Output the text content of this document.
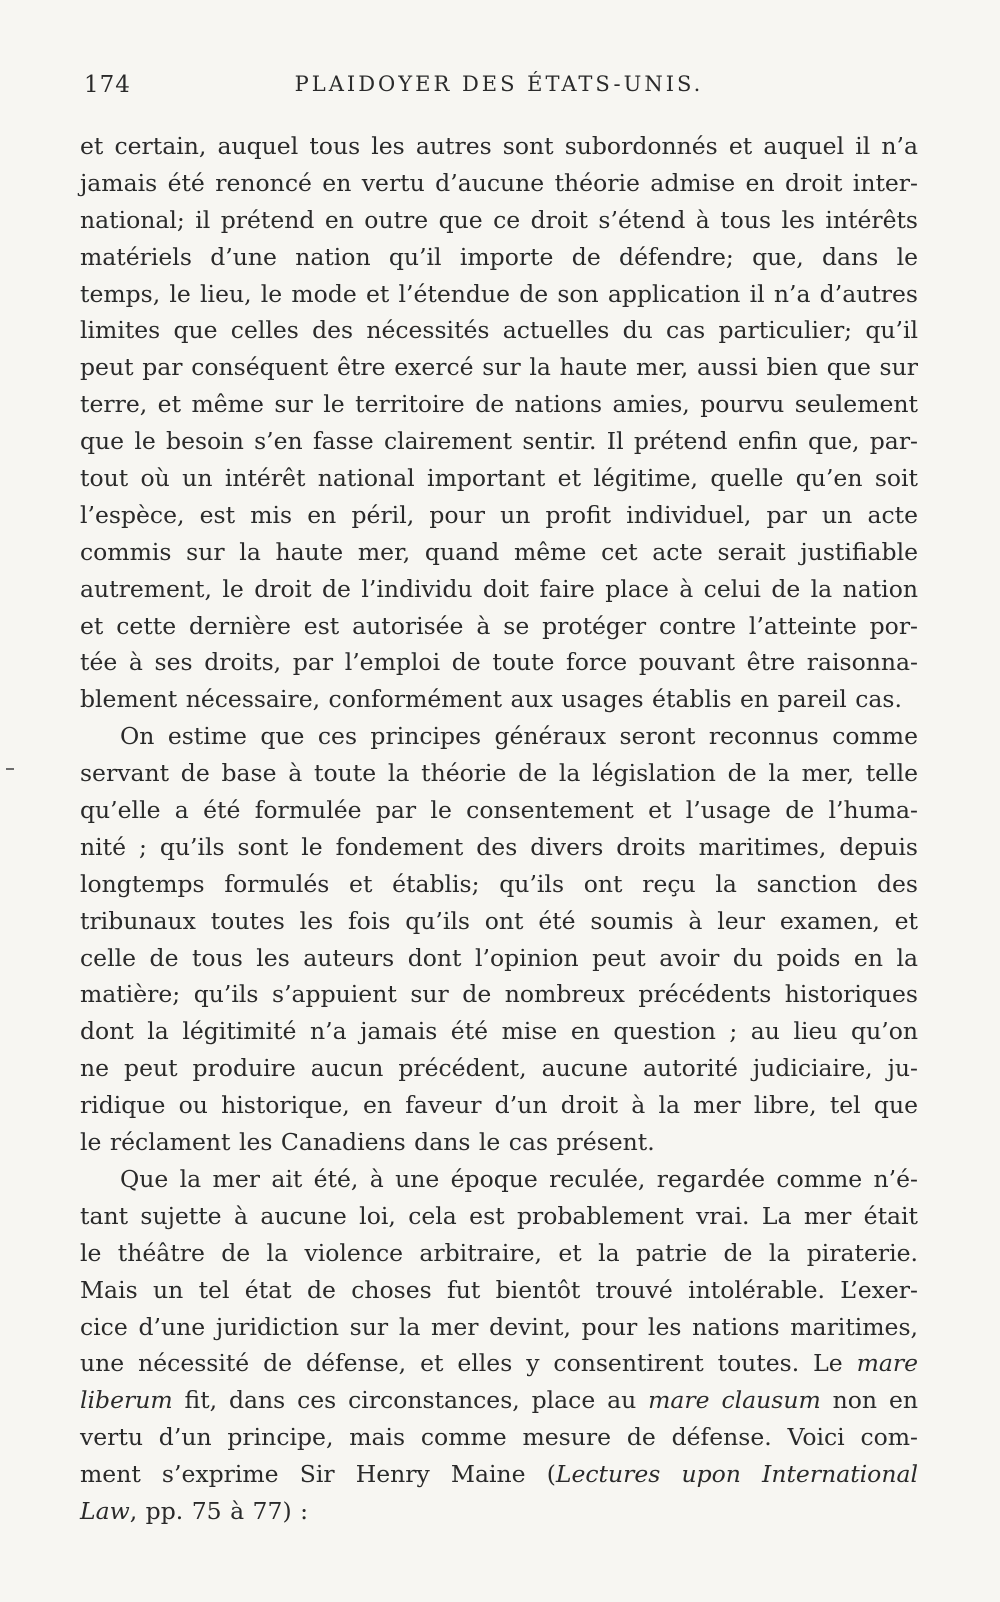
174	PLAIDOYER DES ÉTATS-UNIS.
et certain, auquel tous les autres sont subordonnés et auquel il n’a
jamais été renoncé en vertu d’aucune théorie admise en droit inter-
national; il prétend en outre que ce droit s’étend à tous les intérêts
matériels d’une nation qu’il importe de défendre; que, dans le
temps, le lieu, le mode et l’étendue de son application il n’a d’autres
limites que celles des nécessités actuelles du cas particulier; qu’il
peut par conséquent être exercé sur la haute mer, aussi bien que sur
terre, et même sur le territoire de nations amies, pourvu seulement
que le besoin s’en fasse clairement sentir. Il prétend enfin que, par-
tout où un intérêt national important et légitime, quelle qu’en soit
l’espèce, est mis en péril, pour un profit individuel, par un acte
commis sur la haute mer, quand même cet acte serait justifiable
autrement, le droit de l’individu doit faire place à celui de la nation
et cette dernière est autorisée à se protéger contre l’atteinte por-
tée à ses droits, par l’emploi de toute force pouvant être raisonna-
blement nécessaire, conformément aux usages établis en pareil cas.
On estime que ces principes généraux seront reconnus comme
servant de base à toute la théorie de la législation de la mer, telle
qu’elle a été formulée par le consentement et l’usage de l’huma-
nité ; qu’ils sont le fondement des divers droits maritimes, depuis
longtemps formulés et établis; qu’ils ont reçu la sanction des
tribunaux toutes les fois qu’ils ont été soumis à leur examen, et
celle de tous les auteurs dont l’opinion peut avoir du poids en la
matière; qu’ils s’appuient sur de nombreux précédents historiques
dont la légitimité n’a jamais été mise en question ; au lieu qu’on
ne peut produire aucun précédent, aucune autorité judiciaire, ju-
ridique ou historique, en faveur d’un droit à la mer libre, tel que
le réclament les Canadiens dans le cas présent.
Que la mer ait été, à une époque reculée, regardée comme n’é-
tant sujette à aucune loi, cela est probablement vrai. La mer était
le théâtre de la violence arbitraire, et la patrie de la piraterie.
Mais un tel état de choses fut bientôt trouvé intolérable. L’exer-
cice d’une juridiction sur la mer devint, pour les nations maritimes,
une nécessité de défense, et elles y consentirent toutes. Le mare
liberum fit, dans ces circonstances, place au mare clausum non en
vertu d’un principe, mais comme mesure de défense. Voici com-
ment s’exprime Sir Henry Maine (Lectures upon International
Law, pp. 75 à 77) :
